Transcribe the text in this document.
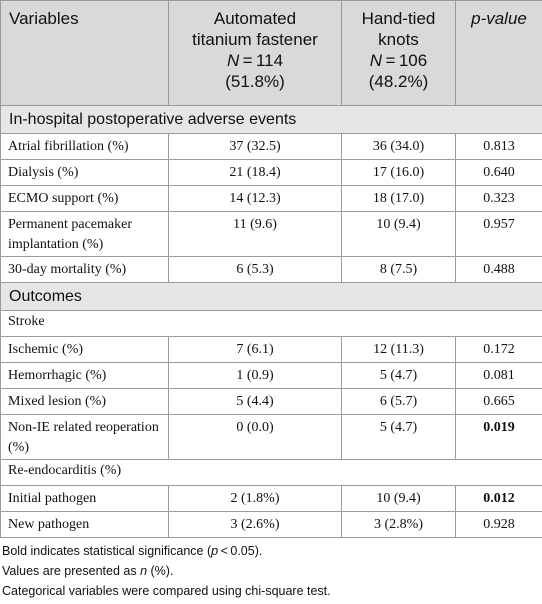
Variables	Automated
titanium fastener
N = 114
(51.8%)	Hand-tied
knots
N = 106
(48.2%)	p-value
In-hospital postoperative adverse events			
Atrial fibrillation (%)	37 (32.5)	36 (34.0)	0.813
Dialysis (%)	21 (18.4)	17 (16.0)	0.640
ECMO support (%)	14 (12.3)	18 (17.0)	0.323
Permanent pacemaker implantation (%)	11 (9.6)	10 (9.4)	0.957
30-day mortality (%)	6 (5.3)	8 (7.5)	0.488
Outcomes			
Stroke			
Ischemic (%)	7 (6.1)	12 (11.3)	0.172
Hemorrhagic (%)	1 (0.9)	5 (4.7)	0.081
Mixed lesion (%)	5 (4.4)	6 (5.7)	0.665
Non-IE related reoperation (%)	0 (0.0)	5 (4.7)	0.019
Re-endocarditis (%)			
Initial pathogen	2 (1.8%)	10 (9.4)	0.012
New pathogen	3 (2.6%)	3 (2.8%)	0.928
Bold indicates statistical significance (p < 0.05).
Values are presented as n (%).
Categorical variables were compared using chi-square test.
